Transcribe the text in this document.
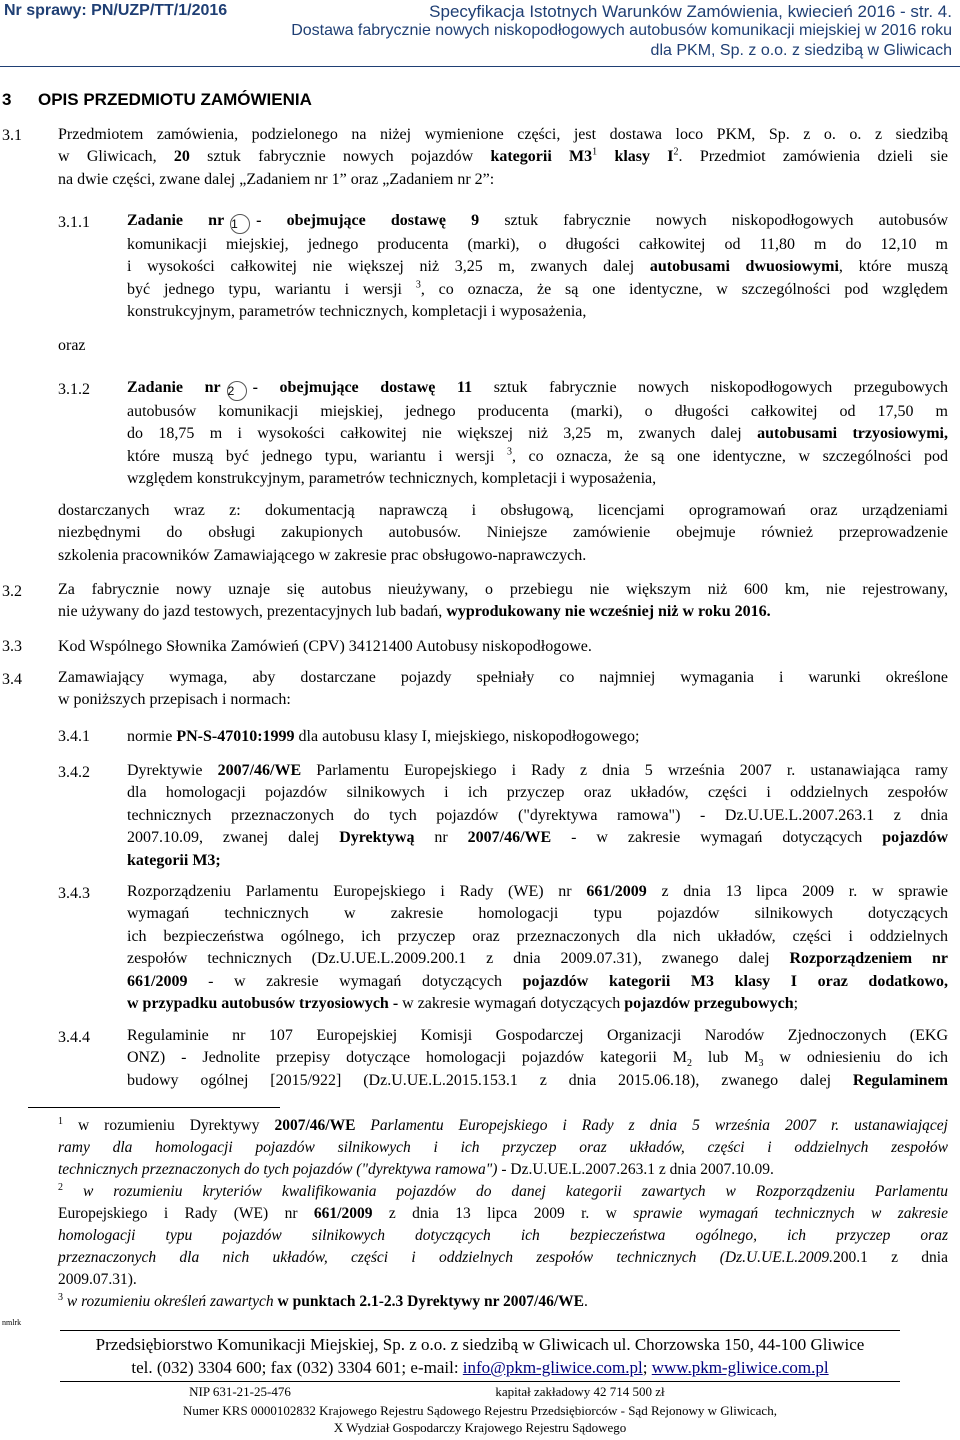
Nr sprawy: PN/UZP/TT/1/2016	Specyfikacja Istotnych Warunków Zamówienia, kwiecień 2016 - str. 4.
Dostawa fabrycznie nowych niskopodłogowych autobusów komunikacji miejskiej w 2016 roku
dla PKM, Sp. z o.o. z siedzibą w Gliwicach
3 OPIS PRZEDMIOTU ZAMÓWIENIA
3.1 Przedmiotem zamówienia, podzielonego na niżej wymienione części, jest dostawa loco PKM, Sp. z o. o. z siedzibą
w Gliwicach, 20 sztuk fabrycznie nowych pojazdów kategorii $M3^1$ klasy $I^2$. Przedmiot zamówienia dzieli sie
na dwie części, zwane dalej „Zadaniem nr 1” oraz „Zadaniem nr 2”:
3.1.1 Zadanie nr 1 - obejmujące dostawę 9 sztuk fabrycznie nowych niskopodłogowych autobusów
komunikacji miejskiej, jednego producenta (marki), o długości całkowitej od 11,80 m do 12,10 m
i wysokości całkowitej nie większej niż 3,25 m, zwanych dalej autobusami dwuosiowymi, które muszą
być jednego typu, wariantu i wersji $^3$, co oznacza, że są one identyczne, w szczególności pod względem
konstrukcyjnym, parametrów technicznych, kompletacji i wyposażenia,
oraz
3.1.2 Zadanie nr 2 - obejmujące dostawę 11 sztuk fabrycznie nowych niskopodłogowych przegubowych
autobusów komunikacji miejskiej, jednego producenta (marki), o długości całkowitej od 17,50 m
do 18,75 m i wysokości całkowitej nie większej niż 3,25 m, zwanych dalej autobusami trzyosiowymi,
które muszą być jednego typu, wariantu i wersji $^3$, co oznacza, że są one identyczne, w szczególności pod
względem konstrukcyjnym, parametrów technicznych, kompletacji i wyposażenia,
dostarczanych wraz z: dokumentacją naprawczą i obsługową, licencjami oprogramowań oraz urządzeniami
niezbędnymi do obsługi zakupionych autobusów. Niniejsze zamówienie obejmuje również przeprowadzenie
szkolenia pracowników Zamawiającego w zakresie prac obsługowo-naprawczych.
3.2 Za fabrycznie nowy uznaje się autobus nieużywany, o przebiegu nie większym niż 600 km, nie rejestrowany,
nie używany do jazd testowych, prezentacyjnych lub badań, wyprodukowany nie wcześniej niż w roku 2016.
3.3 Kod Wspólnego Słownika Zamówień (CPV) 34121400 Autobusy niskopodłogowe.
3.4 Zamawiający wymaga, aby dostarczane pojazdy spełniały co najmniej wymagania i warunki określone
w poniższych przepisach i normach:
3.4.1 normie PN-S-47010:1999 dla autobusu klasy I, miejskiego, niskopodłogowego;
3.4.2 Dyrektywie 2007/46/WE Parlamentu Europejskiego i Rady z dnia 5 września 2007 r. ustanawiająca ramy
dla homologacji pojazdów silnikowych i ich przyczep oraz układów, części i oddzielnych zespołów
technicznych przeznaczonych do tych pojazdów ("dyrektywa ramowa") - Dz.U.UE.L.2007.263.1 z dnia
2007.10.09, zwanej dalej Dyrektywą nr 2007/46/WE - w zakresie wymagań dotyczących pojazdów
kategorii M3;
3.4.3 Rozporządzeniu Parlamentu Europejskiego i Rady (WE) nr 661/2009 z dnia 13 lipca 2009 r. w sprawie
wymagań technicznych w zakresie homologacji typu pojazdów silnikowych dotyczących
ich bezpieczeństwa ogólnego, ich przyczep oraz przeznaczonych dla nich układów, części i oddzielnych
zespołów technicznych (Dz.U.UE.L.2009.200.1 z dnia 2009.07.31), zwanego dalej Rozporządzeniem nr
661/2009 - w zakresie wymagań dotyczących pojazdów kategorii M3 klasy I oraz dodatkowo,
w przypadku autobusów trzyosiowych - w zakresie wymagań dotyczących pojazdów przegubowych;
3.4.4 Regulaminie nr 107 Europejskiej Komisji Gospodarczej Organizacji Narodów Zjednoczonych (EKG
ONZ) - Jednolite przepisy dotyczące homologacji pojazdów kategorii $M_2$ lub $M_3$ w odniesieniu do ich
budowy ogólnej [2015/922] (Dz.U.UE.L.2015.153.1 z dnia 2015.06.18), zwanego dalej Regulaminem
$^1$ w rozumieniu Dyrektywy 2007/46/WE Parlamentu Europejskiego i Rady z dnia 5 września 2007 r. ustanawiającej
ramy dla homologacji pojazdów silnikowych i ich przyczep oraz układów, części i oddzielnych zespołów
technicznych przeznaczonych do tych pojazdów ("dyrektywa ramowa") - Dz.U.UE.L.2007.263.1 z dnia 2007.10.09.
$^2$ w rozumieniu kryteriów kwalifikowania pojazdów do danej kategorii zawartych w Rozporządzeniu Parlamentu
Europejskiego i Rady (WE) nr 661/2009 z dnia 13 lipca 2009 r. w sprawie wymagań technicznych w zakresie
homologacji typu pojazdów silnikowych dotyczących ich bezpieczeństwa ogólnego, ich przyczep oraz
przeznaczonych dla nich układów, części i oddzielnych zespołów technicznych (Dz.U.UE.L.2009.200.1 z dnia
2009.07.31).
$^3$ w rozumieniu określeń zawartych w punktach 2.1-2.3 Dyrektywy nr 2007/46/WE.
nmlrk
Przedsiębiorstwo Komunikacji Miejskiej, Sp. z o.o. z siedzibą w Gliwicach ul. Chorzowska 150, 44-100 Gliwice
tel. (032) 3304 600; fax (032) 3304 601; e-mail: info@pkm-gliwice.com.pl; www.pkm-gliwice.com.pl
NIP 631-21-25-476	kapitał zakładowy 42 714 500 zł
Numer KRS 0000102832 Krajowego Rejestru Sądowego Rejestru Przedsiębiorców - Sąd Rejonowy w Gliwicach,
X Wydział Gospodarczy Krajowego Rejestru Sądowego
